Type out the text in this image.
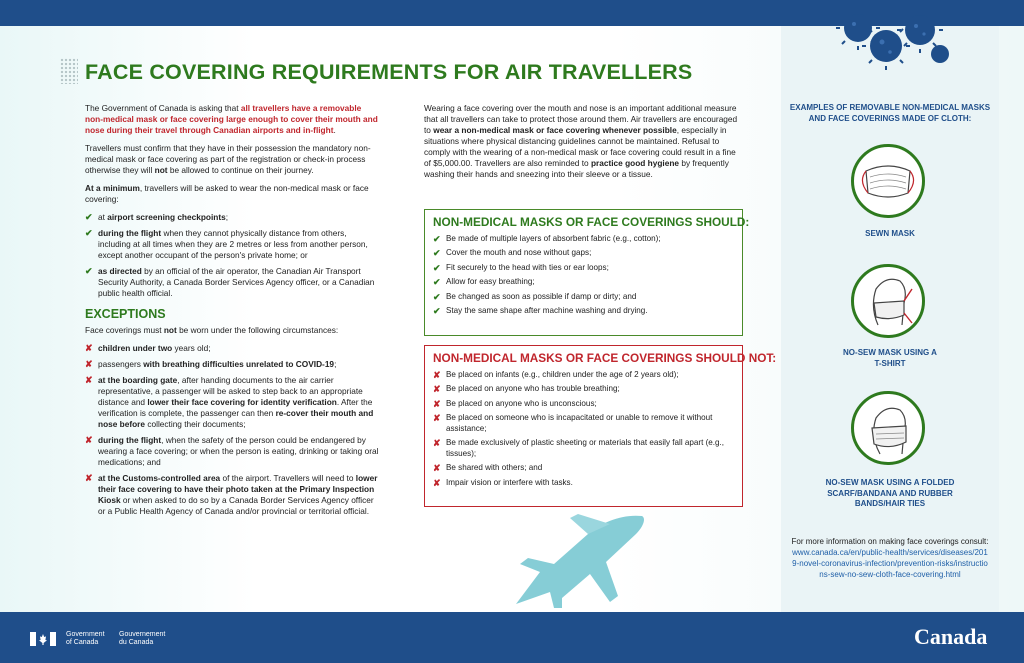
FACE COVERING REQUIREMENTS FOR AIR TRAVELLERS

The Government of Canada is asking that all travellers have a removable non-medical mask or face covering large enough to cover their mouth and nose during their travel through Canadian airports and in-flight.

Travellers must confirm that they have in their possession the mandatory non-medical mask or face covering as part of the registration or check-in process otherwise they will not be allowed to continue on their journey.

At a minimum, travellers will be asked to wear the non-medical mask or face covering:

✔ at airport screening checkpoints;
✔ during the flight when they cannot physically distance from others, including at all times when they are 2 metres or less from another person, except another occupant of the person's private home; or
✔ as directed by an official of the air operator, the Canadian Air Transport Security Authority, a Canada Border Services Agency officer, or a Canadian public health official.
EXCEPTIONS

Face coverings must not be worn under the following circumstances:

✘ children under two years old;
✘ passengers with breathing difficulties unrelated to COVID-19;
✘ at the boarding gate, after handing documents to the air carrier representative, a passenger will be asked to step back to an appropriate distance and lower their face covering for identity verification. After the verification is complete, the passenger can then re-cover their mouth and nose before collecting their documents;
✘ during the flight, when the safety of the person could be endangered by wearing a face covering; or when the person is eating, drinking or taking oral medications; and
✘ at the Customs-controlled area of the airport. Travellers will need to lower their face covering to have their photo taken at the Primary Inspection Kiosk or when asked to do so by a Canada Border Services Agency officer or a Public Health Agency of Canada and/or provincial or territorial official.

Wearing a face covering over the mouth and nose is an important additional measure that all travellers can take to protect those around them. Air travellers are encouraged to wear a non-medical mask or face covering whenever possible, especially in situations where physical distancing guidelines cannot be maintained. Refusal to comply with the wearing of a non-medical mask or face covering could result in a fine of $5,000.00. Travellers are also reminded to practice good hygiene by frequently washing their hands and sneezing into their sleeve or a tissue.

NON-MEDICAL MASKS OR FACE COVERINGS SHOULD:
✔ Be made of multiple layers of absorbent fabric (e.g., cotton);
✔ Cover the mouth and nose without gaps;
✔ Fit securely to the head with ties or ear loops;
✔ Allow for easy breathing;
✔ Be changed as soon as possible if damp or dirty; and
✔ Stay the same shape after machine washing and drying.
NON-MEDICAL MASKS OR FACE COVERINGS SHOULD NOT:
✘ Be placed on infants (e.g., children under the age of 2 years old);
✘ Be placed on anyone who has trouble breathing;
✘ Be placed on anyone who is unconscious;
✘ Be placed on someone who is incapacitated or unable to remove it without assistance;
✘ Be made exclusively of plastic sheeting or materials that easily fall apart (e.g., tissues);
✘ Be shared with others; and
✘ Impair vision or interfere with tasks.
EXAMPLES OF REMOVABLE NON-MEDICAL MASKS AND FACE COVERINGS MADE OF CLOTH:
SEWN MASK
NO-SEW MASK USING A T-SHIRT
NO-SEW MASK USING A FOLDED SCARF/BANDANA AND RUBBER BANDS/HAIR TIES
For more information on making face coverings consult: www.canada.ca/en/public-health/services/diseases/2019-novel-coronavirus-infection/prevention-risks/instructions-sew-no-sew-cloth-face-covering.html
Government
of Canada
Gouvernement
du Canada	Canada
